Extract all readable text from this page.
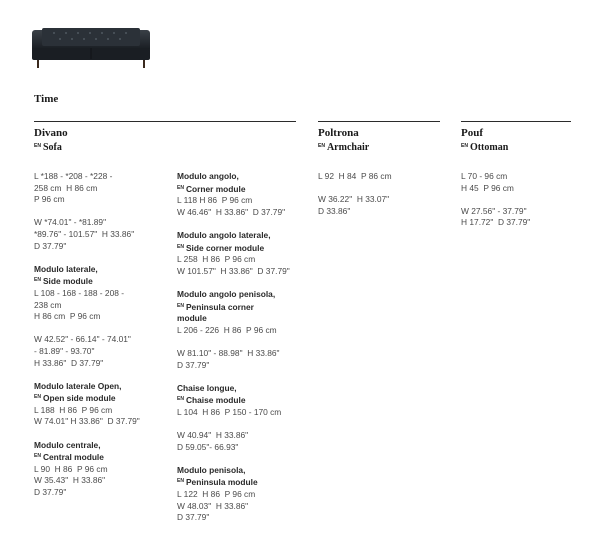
Time
Divano
$^{EN}$ Sofa
Poltrona
$^{EN}$ Armchair
Pouf
$^{EN}$ Ottoman
L *188 - *208 - *228 -
258 cm  H 86 cm
P 96 cm
W *74.01" - *81.89"
*89.76" - 101.57"  H 33.86"
D 37.79"
Modulo laterale,
$^{EN}$ Side module
L 108 - 168 - 188 - 208 -
238 cm
H 86 cm  P 96 cm
W 42.52" - 66.14" - 74.01"
- 81.89" - 93.70"
H 33.86"  D 37.79"
Modulo laterale Open,
$^{EN}$ Open side module
L 188  H 86  P 96 cm
W 74.01" H 33.86"  D 37.79"
Modulo centrale,
$^{EN}$ Central module
L 90  H 86  P 96 cm
W 35.43"  H 33.86"
D 37.79"
Modulo angolo,
$^{EN}$ Corner module
L 118 H 86  P 96 cm
W 46.46"  H 33.86"  D 37.79"
Modulo angolo laterale,
$^{EN}$ Side corner module
L 258  H 86  P 96 cm
W 101.57"  H 33.86"  D 37.79"
Modulo angolo penisola,
$^{EN}$ Peninsula corner
module
L 206 - 226  H 86  P 96 cm
W 81.10" - 88.98"  H 33.86"
D 37.79"
Chaise longue,
$^{EN}$ Chaise module
L 104  H 86  P 150 - 170 cm
W 40.94"  H 33.86"
D 59.05"- 66.93"
Modulo penisola,
$^{EN}$ Peninsula module
L 122  H 86  P 96 cm
W 48.03"  H 33.86"
D 37.79"
L 92  H 84  P 86 cm
W 36.22"  H 33.07"
D 33.86"
L 70 - 96 cm
H 45  P 96 cm
W 27.56" - 37.79"
H 17.72"  D 37.79"
